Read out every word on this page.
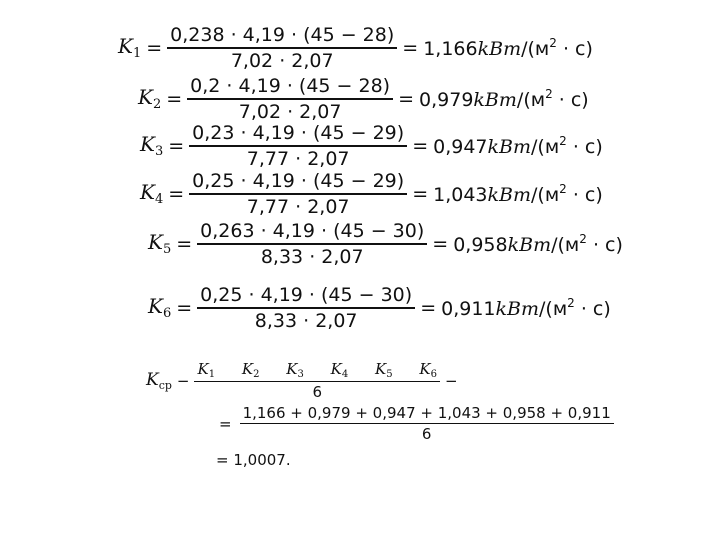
$K_1 = \frac{0,238 \cdot 4,19 \cdot (45 - 28)}{7,02 \cdot 2,07} = 1,166kBm/(м^2 \cdot с)$
$K_2 = \frac{0,2 \cdot 4,19 \cdot (45 - 28)}{7,02 \cdot 2,07} = 0,979kBm/(м^2 \cdot с)$
$K_3 = \frac{0,23 \cdot 4,19 \cdot (45 - 29)}{7,77 \cdot 2,07} = 0,947kBm/(м^2 \cdot с)$
$K_4 = \frac{0,25 \cdot 4,19 \cdot (45 - 29)}{7,77 \cdot 2,07} = 1,043kBm/(м^2 \cdot с)$
$K_5 = \frac{0,263 \cdot 4,19 \cdot (45 - 30)}{8,33 \cdot 2,07} = 0,958kBm/(м^2 \cdot с)$
$K_6 = \frac{0,25 \cdot 4,19 \cdot (45 - 30)}{8,33 \cdot 2,07} = 0,911kBm/(м^2 \cdot с)$
$K_{ср} - \frac{K_1 K_2 K_3 K_4 K_5 K_6}{6}$ −
= $\frac{1,166 + 0,979 + 0,947 + 1,043 + 0,958 + 0,911}{6}$
= 1,0007.
